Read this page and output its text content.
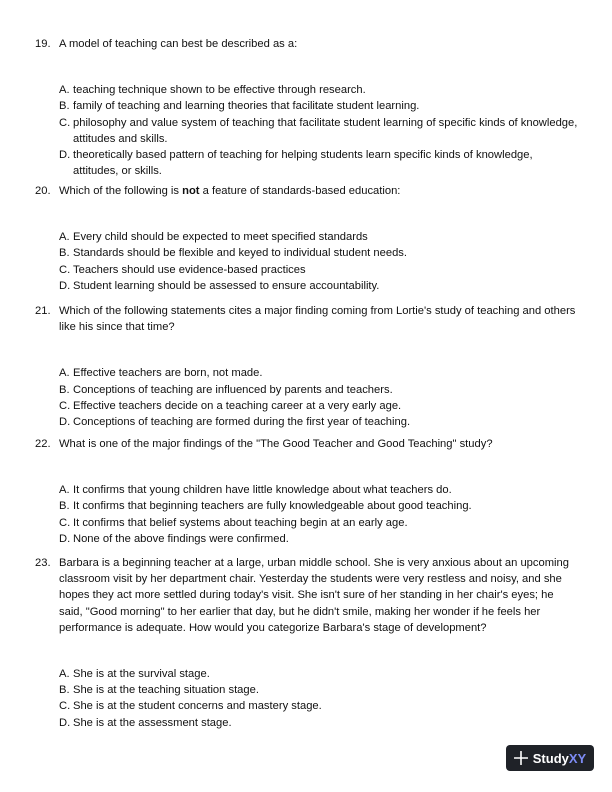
19. A model of teaching can best be described as a:
A. teaching technique shown to be effective through research.
B. family of teaching and learning theories that facilitate student learning.
C. philosophy and value system of teaching that facilitate student learning of specific kinds of knowledge, attitudes and skills.
D. theoretically based pattern of teaching for helping students learn specific kinds of knowledge, attitudes, or skills.
20. Which of the following is not a feature of standards-based education:
A. Every child should be expected to meet specified standards
B. Standards should be flexible and keyed to individual student needs.
C. Teachers should use evidence-based practices
D. Student learning should be assessed to ensure accountability.
21. Which of the following statements cites a major finding coming from Lortie's study of teaching and others like his since that time?
A. Effective teachers are born, not made.
B. Conceptions of teaching are influenced by parents and teachers.
C. Effective teachers decide on a teaching career at a very early age.
D. Conceptions of teaching are formed during the first year of teaching.
22. What is one of the major findings of the "The Good Teacher and Good Teaching" study?
A. It confirms that young children have little knowledge about what teachers do.
B. It confirms that beginning teachers are fully knowledgeable about good teaching.
C. It confirms that belief systems about teaching begin at an early age.
D. None of the above findings were confirmed.
23. Barbara is a beginning teacher at a large, urban middle school. She is very anxious about an upcoming classroom visit by her department chair. Yesterday the students were very restless and noisy, and she hopes they act more settled during today's visit. She isn't sure of her standing in her chair's eyes; he said, "Good morning" to her earlier that day, but he didn't smile, making her wonder if he feels her performance is adequate. How would you categorize Barbara's stage of development?
A. She is at the survival stage.
B. She is at the teaching situation stage.
C. She is at the student concerns and mastery stage.
D. She is at the assessment stage.
StudyXY
